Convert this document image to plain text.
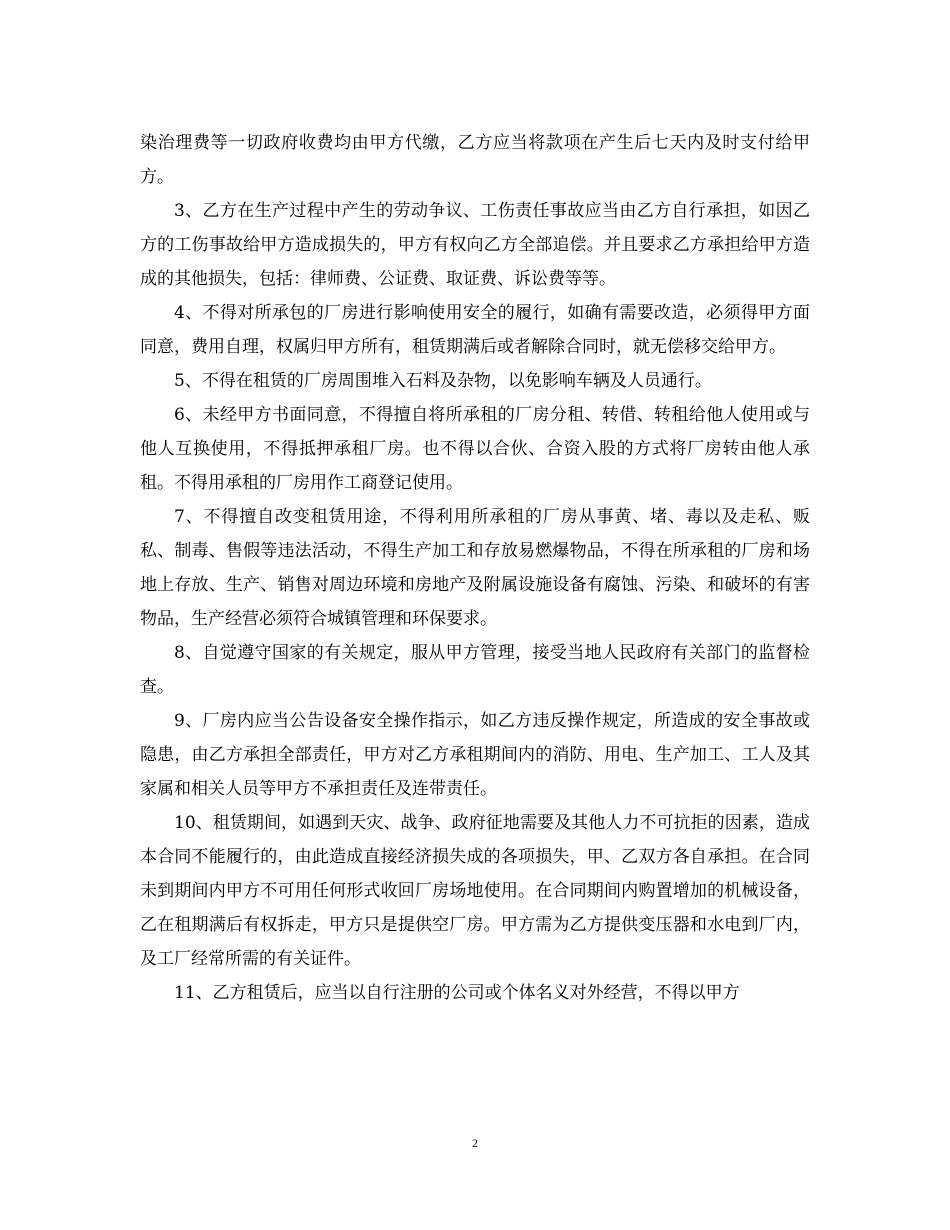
染治理费等一切政府收费均由甲方代缴，乙方应当将款项在产生后七天内及时支付给甲方。

3、乙方在生产过程中产生的劳动争议、工伤责任事故应当由乙方自行承担，如因乙方的工伤事故给甲方造成损失的，甲方有权向乙方全部追偿。并且要求乙方承担给甲方造成的其他损失，包括：律师费、公证费、取证费、诉讼费等等。

4、不得对所承包的厂房进行影响使用安全的履行，如确有需要改造，必须得甲方面同意，费用自理，权属归甲方所有，租赁期满后或者解除合同时，就无偿移交给甲方。

5、不得在租赁的厂房周围堆入石料及杂物，以免影响车辆及人员通行。

6、未经甲方书面同意，不得擅自将所承租的厂房分租、转借、转租给他人使用或与他人互换使用，不得抵押承租厂房。也不得以合伙、合资入股的方式将厂房转由他人承租。不得用承租的厂房用作工商登记使用。

7、不得擅自改变租赁用途，不得利用所承租的厂房从事黄、堵、毒以及走私、贩私、制毒、售假等违法活动，不得生产加工和存放易燃爆物品，不得在所承租的厂房和场地上存放、生产、销售对周边环境和房地产及附属设施设备有腐蚀、污染、和破坏的有害物品，生产经营必须符合城镇管理和环保要求。

8、自觉遵守国家的有关规定，服从甲方管理，接受当地人民政府有关部门的监督检查。

9、厂房内应当公告设备安全操作指示，如乙方违反操作规定，所造成的安全事故或隐患，由乙方承担全部责任，甲方对乙方承租期间内的消防、用电、生产加工、工人及其家属和相关人员等甲方不承担责任及连带责任。

10、租赁期间，如遇到天灾、战争、政府征地需要及其他人力不可抗拒的因素，造成本合同不能履行的，由此造成直接经济损失成的各项损失，甲、乙双方各自承担。在合同未到期间内甲方不可用任何形式收回厂房场地使用。在合同期间内购置增加的机械设备，乙在租期满后有权拆走，甲方只是提供空厂房。甲方需为乙方提供变压器和水电到厂内，及工厂经常所需的有关证件。

11、乙方租赁后，应当以自行注册的公司或个体名义对外经营，不得以甲方

2
